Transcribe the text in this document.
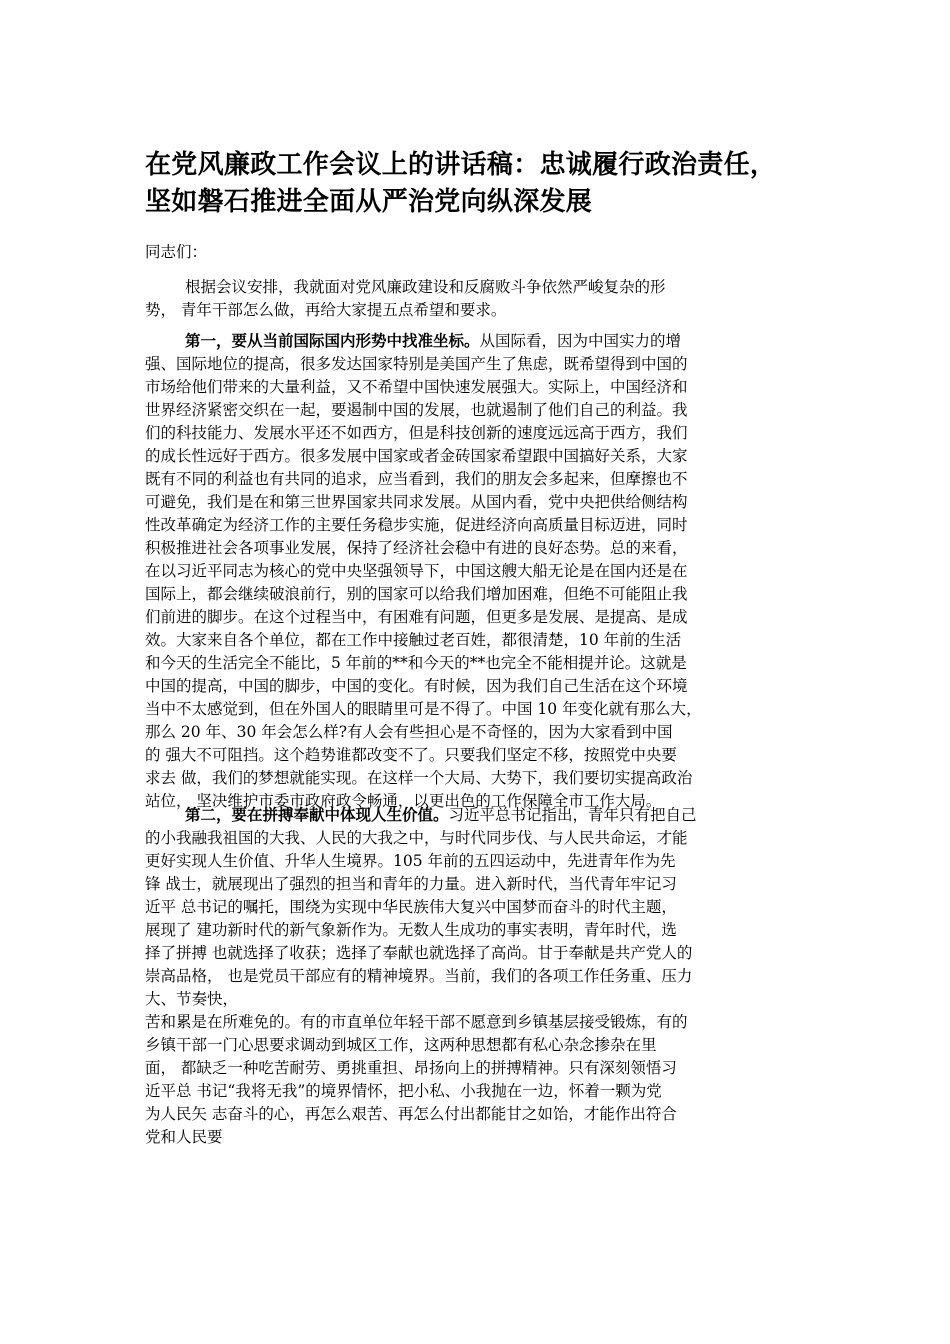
在党风廉政工作会议上的讲话稿：忠诚履行政治责任，
坚如磐石推进全面从严治党向纵深发展
同志们：
根据会议安排，我就面对党风廉政建设和反腐败斗争依然严峻复杂的形
势， 青年干部怎么做，再给大家提五点希望和要求。
第一，要从当前国际国内形势中找准坐标。从国际看，因为中国实力的增
强、国际地位的提高，很多发达国家特别是美国产生了焦虑，既希望得到中国的
市场给他们带来的大量利益，又不希望中国快速发展强大。实际上，中国经济和
世界经济紧密交织在一起，要遏制中国的发展，也就遏制了他们自己的利益。我
们的科技能力、发展水平还不如西方，但是科技创新的速度远远高于西方，我们
的成长性远好于西方。很多发展中国家或者金砖国家希望跟中国搞好关系，大家
既有不同的利益也有共同的追求，应当看到，我们的朋友会多起来，但摩擦也不
可避免，我们是在和第三世界国家共同求发展。从国内看，党中央把供给侧结构
性改革确定为经济工作的主要任务稳步实施，促进经济向高质量目标迈进，同时
积极推进社会各项事业发展，保持了经济社会稳中有进的良好态势。总的来看，
在以习近平同志为核心的党中央坚强领导下，中国这艘大船无论是在国内还是在
国际上，都会继续破浪前行，别的国家可以给我们增加困难，但绝不可能阻止我
们前进的脚步。在这个过程当中，有困难有问题，但更多是发展、是提高、是成
效。大家来自各个单位，都在工作中接触过老百姓，都很清楚，10 年前的生活
和今天的生活完全不能比，5 年前的**和今天的**也完全不能相提并论。这就是
中国的提高，中国的脚步，中国的变化。有时候，因为我们自己生活在这个环境
当中不太感觉到，但在外国人的眼睛里可是不得了。中国 10 年变化就有那么大，
那么 20 年、30 年会怎么样?有人会有些担心是不奇怪的，因为大家看到中国
的 强大不可阻挡。这个趋势谁都改变不了。只要我们坚定不移，按照党中央要
求去 做，我们的梦想就能实现。在这样一个大局、大势下，我们要切实提高政治
站位， 坚决维护市委市政府政令畅通，以更出色的工作保障全市工作大局。
第二，要在拼搏奉献中体现人生价值。习近平总书记指出，青年只有把自己
的小我融我祖国的大我、人民的大我之中，与时代同步伐、与人民共命运，才能
更好实现人生价值、升华人生境界。105 年前的五四运动中，先进青年作为先
锋 战士，就展现出了强烈的担当和青年的力量。进入新时代，当代青年牢记习
近平 总书记的嘱托，围绕为实现中华民族伟大复兴中国梦而奋斗的时代主题，
展现了 建功新时代的新气象新作为。无数人生成功的事实表明，青年时代，选
择了拼搏 也就选择了收获；选择了奉献也就选择了高尚。甘于奉献是共产党人的
崇高品格， 也是党员干部应有的精神境界。当前，我们的各项工作任务重、压力
大、节奏快，
苦和累是在所难免的。有的市直单位年轻干部不愿意到乡镇基层接受锻炼，有的
乡镇干部一门心思要求调动到城区工作，这两种思想都有私心杂念掺杂在里
面， 都缺乏一种吃苦耐劳、勇挑重担、昂扬向上的拼搏精神。只有深刻领悟习
近平总 书记“我将无我”的境界情怀，把小私、小我抛在一边，怀着一颗为党
为人民矢 志奋斗的心，再怎么艰苦、再怎么付出都能甘之如饴，才能作出符合
党和人民要
